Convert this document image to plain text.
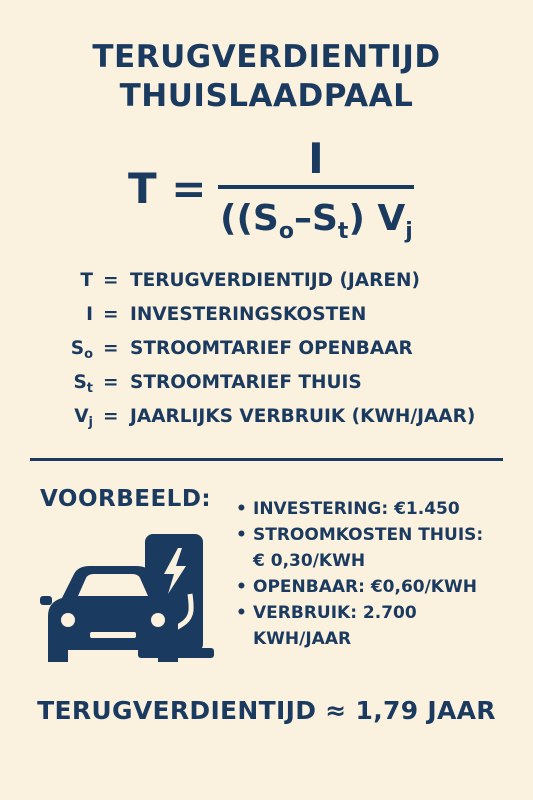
TERUGVERDIENTIJD
THUISLAADPAAL
T =
I
($(S_o-S_t)$ $V_j$
T = TERUGVERDIENTIJD (JAREN)
I = INVESTERINGSKOSTEN
$S_o$ = STROOMTARIEF OPENBAAR
$S_t$ = STROOMTARIEF THUIS
$V_j$ = JAARLIJKS VERBRUIK (KWH/JAAR)
VOORBEELD: • INVESTERING: €1.450
• STROOMKOSTEN THUIS:
€ 0,30/KWH
• OPENBAAR: €0,60/KWH
• VERBRUIK: 2.700
KWH/JAAR
TERUGVERDIENTIJD ≈ 1,79 JAAR
